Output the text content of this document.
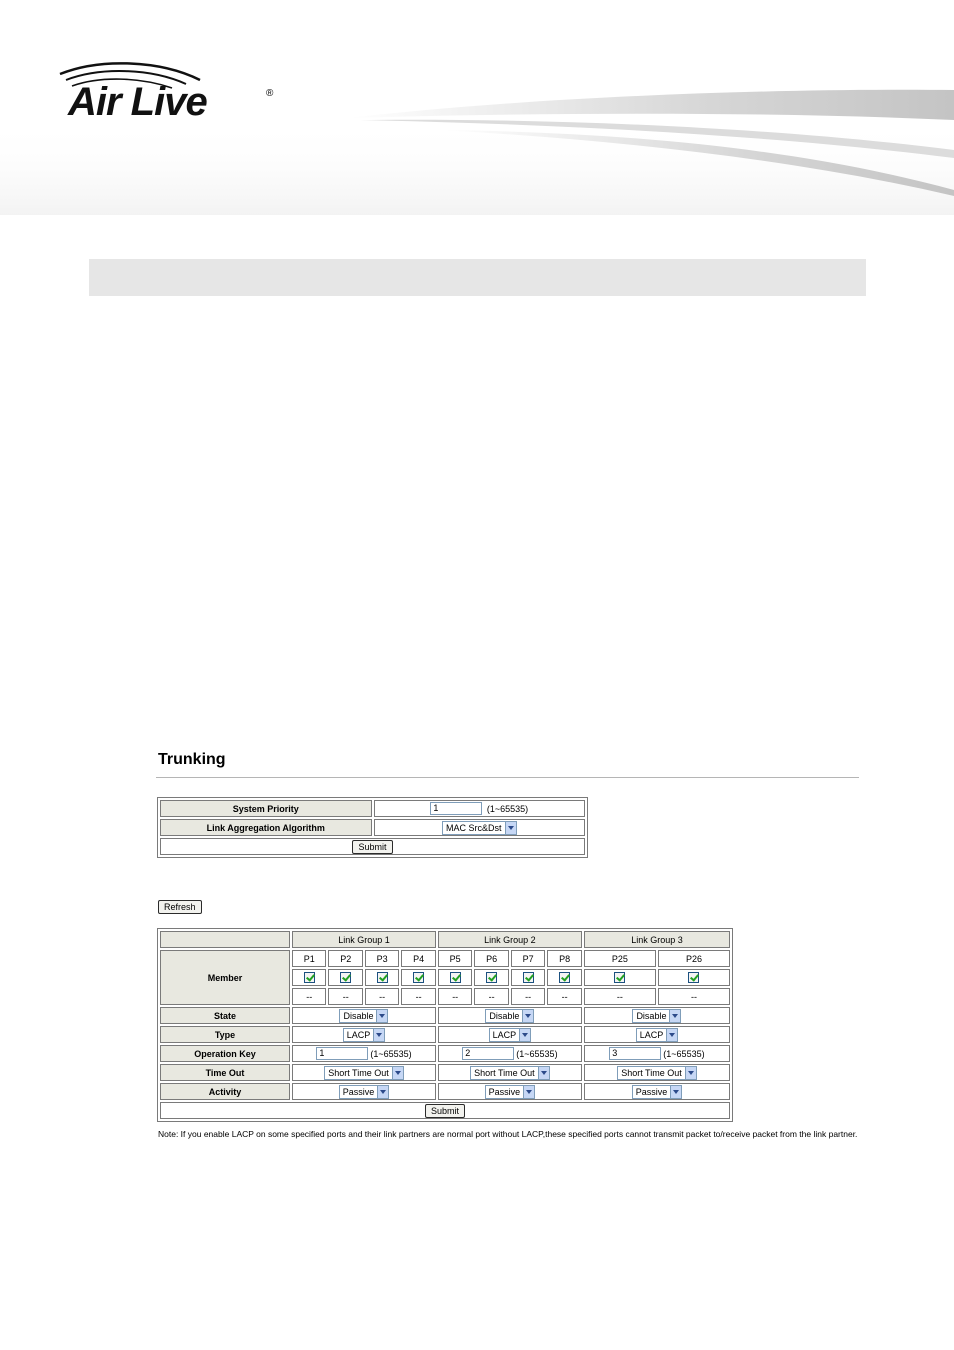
Air Live	®
Trunking
System Priority	1 (1~65535)
Link Aggregation Algorithm	MAC Src&Dst

Submit	
Refresh
	Link Group 1				Link Group 2				Link Group 3	
Member	P1	P2	P3	P4	P5	P6	P7	P8	P25	P26

	--	--	--	--	--	--	--	--	--	--
State	Disable				Disable				Disable	

Type	LACP				LACP				LACP	

Operation Key	1 (1~65535)				2 (1~65535)				3 (1~65535)	
Time Out	Short Time Out				Short Time Out				Short Time Out	

Activity	Passive				Passive				Passive	

Submit										
Note: If you enable LACP on some specified ports and their link partners are normal port without LACP,these specified ports cannot transmit packet to/receive packet from the link partner.
